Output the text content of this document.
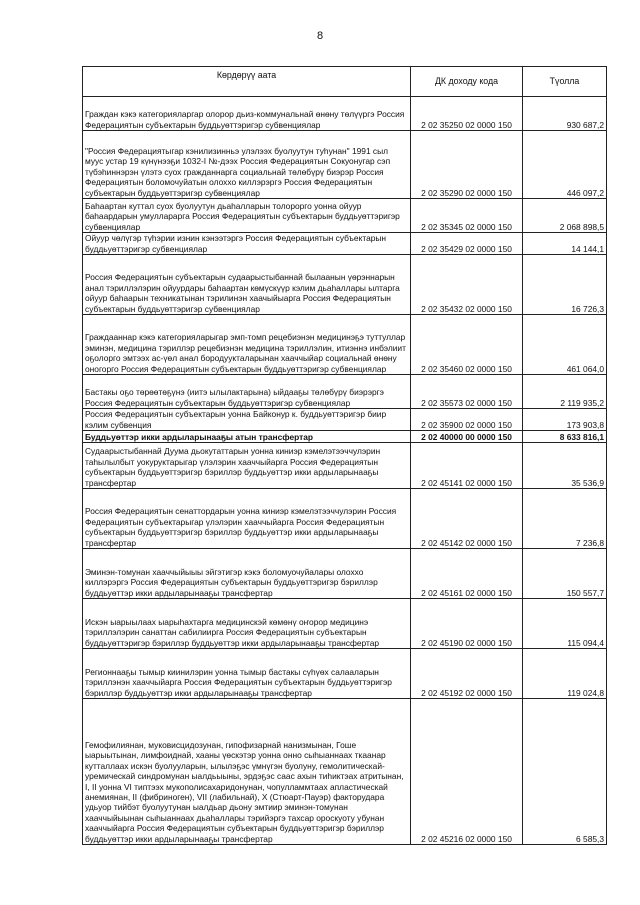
8
Көрдөрүү аата	ДК доходу кода	Түолла
Граждан кэкэ категорияларгар олорор дьиз-коммунальнай өнөну төлүүргэ Россия Федерациятын субъектарын буддьуөттэригэр субвенциялар	2 02 35250 02 0000 150	930 687,2
"Россия Федерациятыгар кэнилизинньэ улэлээх буолуутун туһунан" 1991 сыл муус устар 19 күнүнээҕи 1032-I №-дээх Россия Федерациятын Сокуонугар сэп түбэһиннэрэн үлэтэ суох гражданнарга социальнай төлөбүрү биэрэр Россия Федерациятын боломочуйатын олоххо киллэрэргэ Россия Федерациятын субъектарын буддьуөттэригэр субвенциялар	2 02 35290 02 0000 150	446 097,2
Баһаартан куттал суох буолуутун дьаһалларын толорорго уонна ойуур баһаардарын умулларарга Россия Федерациятын субъектарын буддьуөттэригэр субвенциялар	2 02 35345 02 0000 150	2 068 898,5
Ойуур чөлүгэр түһэрии изнин кэнээтэргэ Россия Федерациятын субъектарын буддьуөттэригэр субвенциялар	2 02 35429 02 0000 150	14 144,1
Россия Федерациятын субъектарын судаарыстыбаннай былаанын үөрэннарын анал тэриллэлэрин ойуурдары баһаартан көмүскүүр кэлим дьаһаллары ылтарга ойуур баһаарын техникатынан тэрилинэн хаачыйыарга Россия Федерациятын субъектарын буддьуөттэригэр субвенциялар	2 02 35432 02 0000 150	16 726,3
Граждааннар кэкэ категорияларыгар эмп-томп рецебиэнэн медицинэҕэ туттуллар эминэн, медицина тэриллэр рецебиэнэн медицина тэриллэлин, итиэннэ инбэлиит оҕолорго эмтээх ас-үөл анал бородуукталарынан хааччыйар социальнай өнөну оногорго Россия Федерациятын субъектарын буддьуөттэригэр субвенциялар	2 02 35460 02 0000 150	461 064,0
Бастакы оҕо төрөөтөҕүнэ (иитэ ылылактарына) ыйдааҕы төлөбүрү биэрэргэ Россия Федерациятын субъектарын буддьуөттэригэр субвенциялар	2 02 35573 02 0000 150	2 119 935,2
Россия Федерациятын субъектарын уонна Байконур к. буддьуөттэригэр биир кэлим субвенция	2 02 35900 02 0000 150	173 903,8
Буддьуөттэр икки ардыларынааҕы атын трансфертар	2 02 40000 00 0000 150	8 633 816,1
Судаарыстыбаннай Дуума дьокутаттарын уонна киниэр кэмелэтээччулэрин таһылылбыт уокуруктарыгар үлэлэрин хааччыйарга Россия Федерациятын субъектарын буддьуөттэригэр бэриллэр буддьуөттэр икки ардыларынааҕы трансфертар	2 02 45141 02 0000 150	35 536,9
Россия Федерациятын сенаттордарын уонна киниэр кэмелэтээччулэрин Россия Федерациятын субъектарыгар үлэлэрин хааччыйарга Россия Федерациятын субъектарын буддьуөттэригэр бэриллэр буддьуөттэр икки ардыларынааҕы трансфертар	2 02 45142 02 0000 150	7 236,8
Эминэн-томунан хааччыйыыы эйгэтигэр кэкэ боломуочуйалары олоххо киллэрэргэ Россия Федерациятын субъектарын буддьуөттэригэр бэриллэр буддьуөттэр икки ардыларынааҕы трансфертар	2 02 45161 02 0000 150	150 557,7
Искэн ыарыылаах ыарыһахтарга медицинскэй көмөнү оҥорор медицинэ тэриллэлэрин санаттан сабилиирга Россия Федерациятын субъектарын буддьуөттэригэр бэриллэр буддьуөттэр икки ардыларынааҕы трансфертар	2 02 45190 02 0000 150	115 094,4
Регионнааҕы тымыр киинилэрин уонна тымыр бастакы сүһүөх салааларын тэриллэнэн хааччыйарга Россия Федерациятын субъектарын буддьуөттэригэр бэриллэр буддьуөттэр икки ардыларынааҕы трансфертар	2 02 45192 02 0000 150	119 024,8
Гемофилиянан, муковисцидозунан, гипофизарнай нанизмынан, Гоше ыарыытынан, лимфоиднай, хааны үөскэтэр уонна онно сыһыаннаах ткаанар кутталлаах искэн буолууларын, ылылэҕэс үмнүгэн буолуну, гемолитическай-уремическай синдромунан ыалдьыыны, эрдэҕэс саас ахын тиһиктэах атритынан, I, II уонна VI типтээх мукополисахаридонунан, чопулламмтаах апластическай анемиянан, II (фибриноген), VII (лабильнай), X (Стюарт-Пауэр) факторудара удьуор тийбэт буолуутунан ыалдьар дьону эмтиир эминэн-томунан хааччыйыынан сыһыаннаах дьаһаллары тэрийэргэ тахсар ороскуоту убунан хааччыйарга Россия Федерациятын субъектарын буддьуөттэригэр бэриллэр буддьуөттэр икки ардыларынааҕы трансфертар	2 02 45216 02 0000 150	6 585,3
